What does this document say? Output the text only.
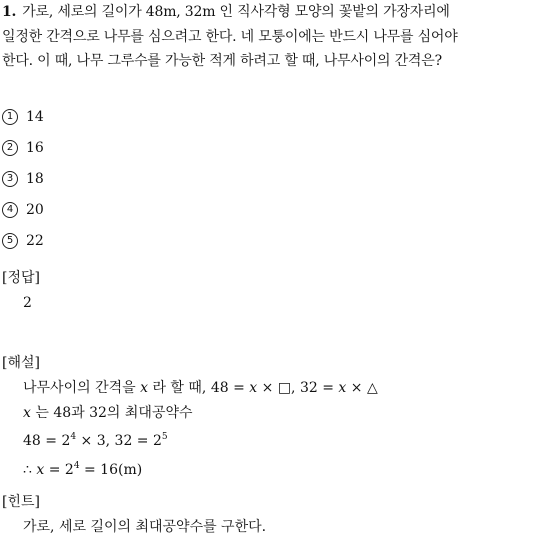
1. 가로, 세로의 길이가 48m, 32m 인 직사각형 모양의 꽃밭의 가장자리에
일정한 간격으로 나무를 심으려고 한다. 네 모퉁이에는 반드시 나무를 심어야
한다. 이 때, 나무 그루수를 가능한 적게 하려고 할 때, 나무사이의 간격은?
1 14
2 16
3 18
4 20
5 22
[정답]
2
[해설]
나무사이의 간격을 x 라 할 때, 48 = x × □, 32 = x × △
x 는 48과 32의 최대공약수
$48 = 2^4 \times 3$, $32 = 2^5$
∴ $x = 2^4 = 16(m)$
[힌트]
가로, 세로 길이의 최대공약수를 구한다.
